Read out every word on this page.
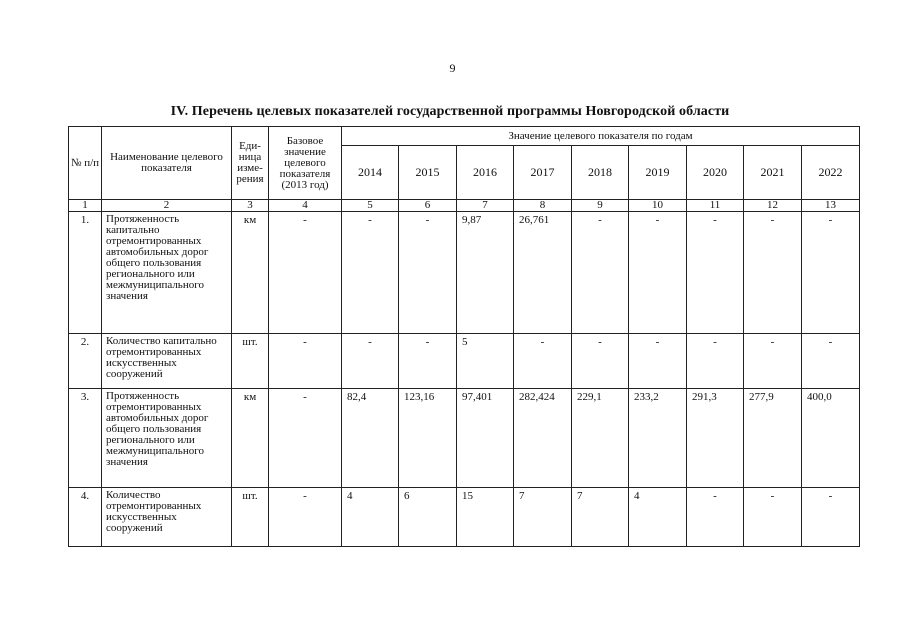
9
IV. Перечень целевых показателей государственной программы Новгородской области
№ п/п	Наименование целевого показателя	Еди-ница изме-рения	Базовое значение целевого показателя (2013 год)	Значение целевого показателя по годам								
				2014	2015	2016	2017	2018	2019	2020	2021	2022
1	2	3	4	5	6	7	8	9	10	11	12	13
1.	Протяженность капитально отремонтированных автомобильных дорог общего пользования регионального или межмуниципального значения	км	-	-	-	9,87	26,761	-	-	-	-	-
2.	Количество капитально отремонтированных искусственных сооружений	шт.	-	-	-	5	-	-	-	-	-	-
3.	Протяженность отремонтированных автомобильных дорог общего пользования регионального или межмуниципального значения	км	-	82,4	123,16	97,401	282,424	229,1	233,2	291,3	277,9	400,0
4.	Количество отремонтированных искусственных сооружений	шт.	-	4	6	15	7	7	4	-	-	-
